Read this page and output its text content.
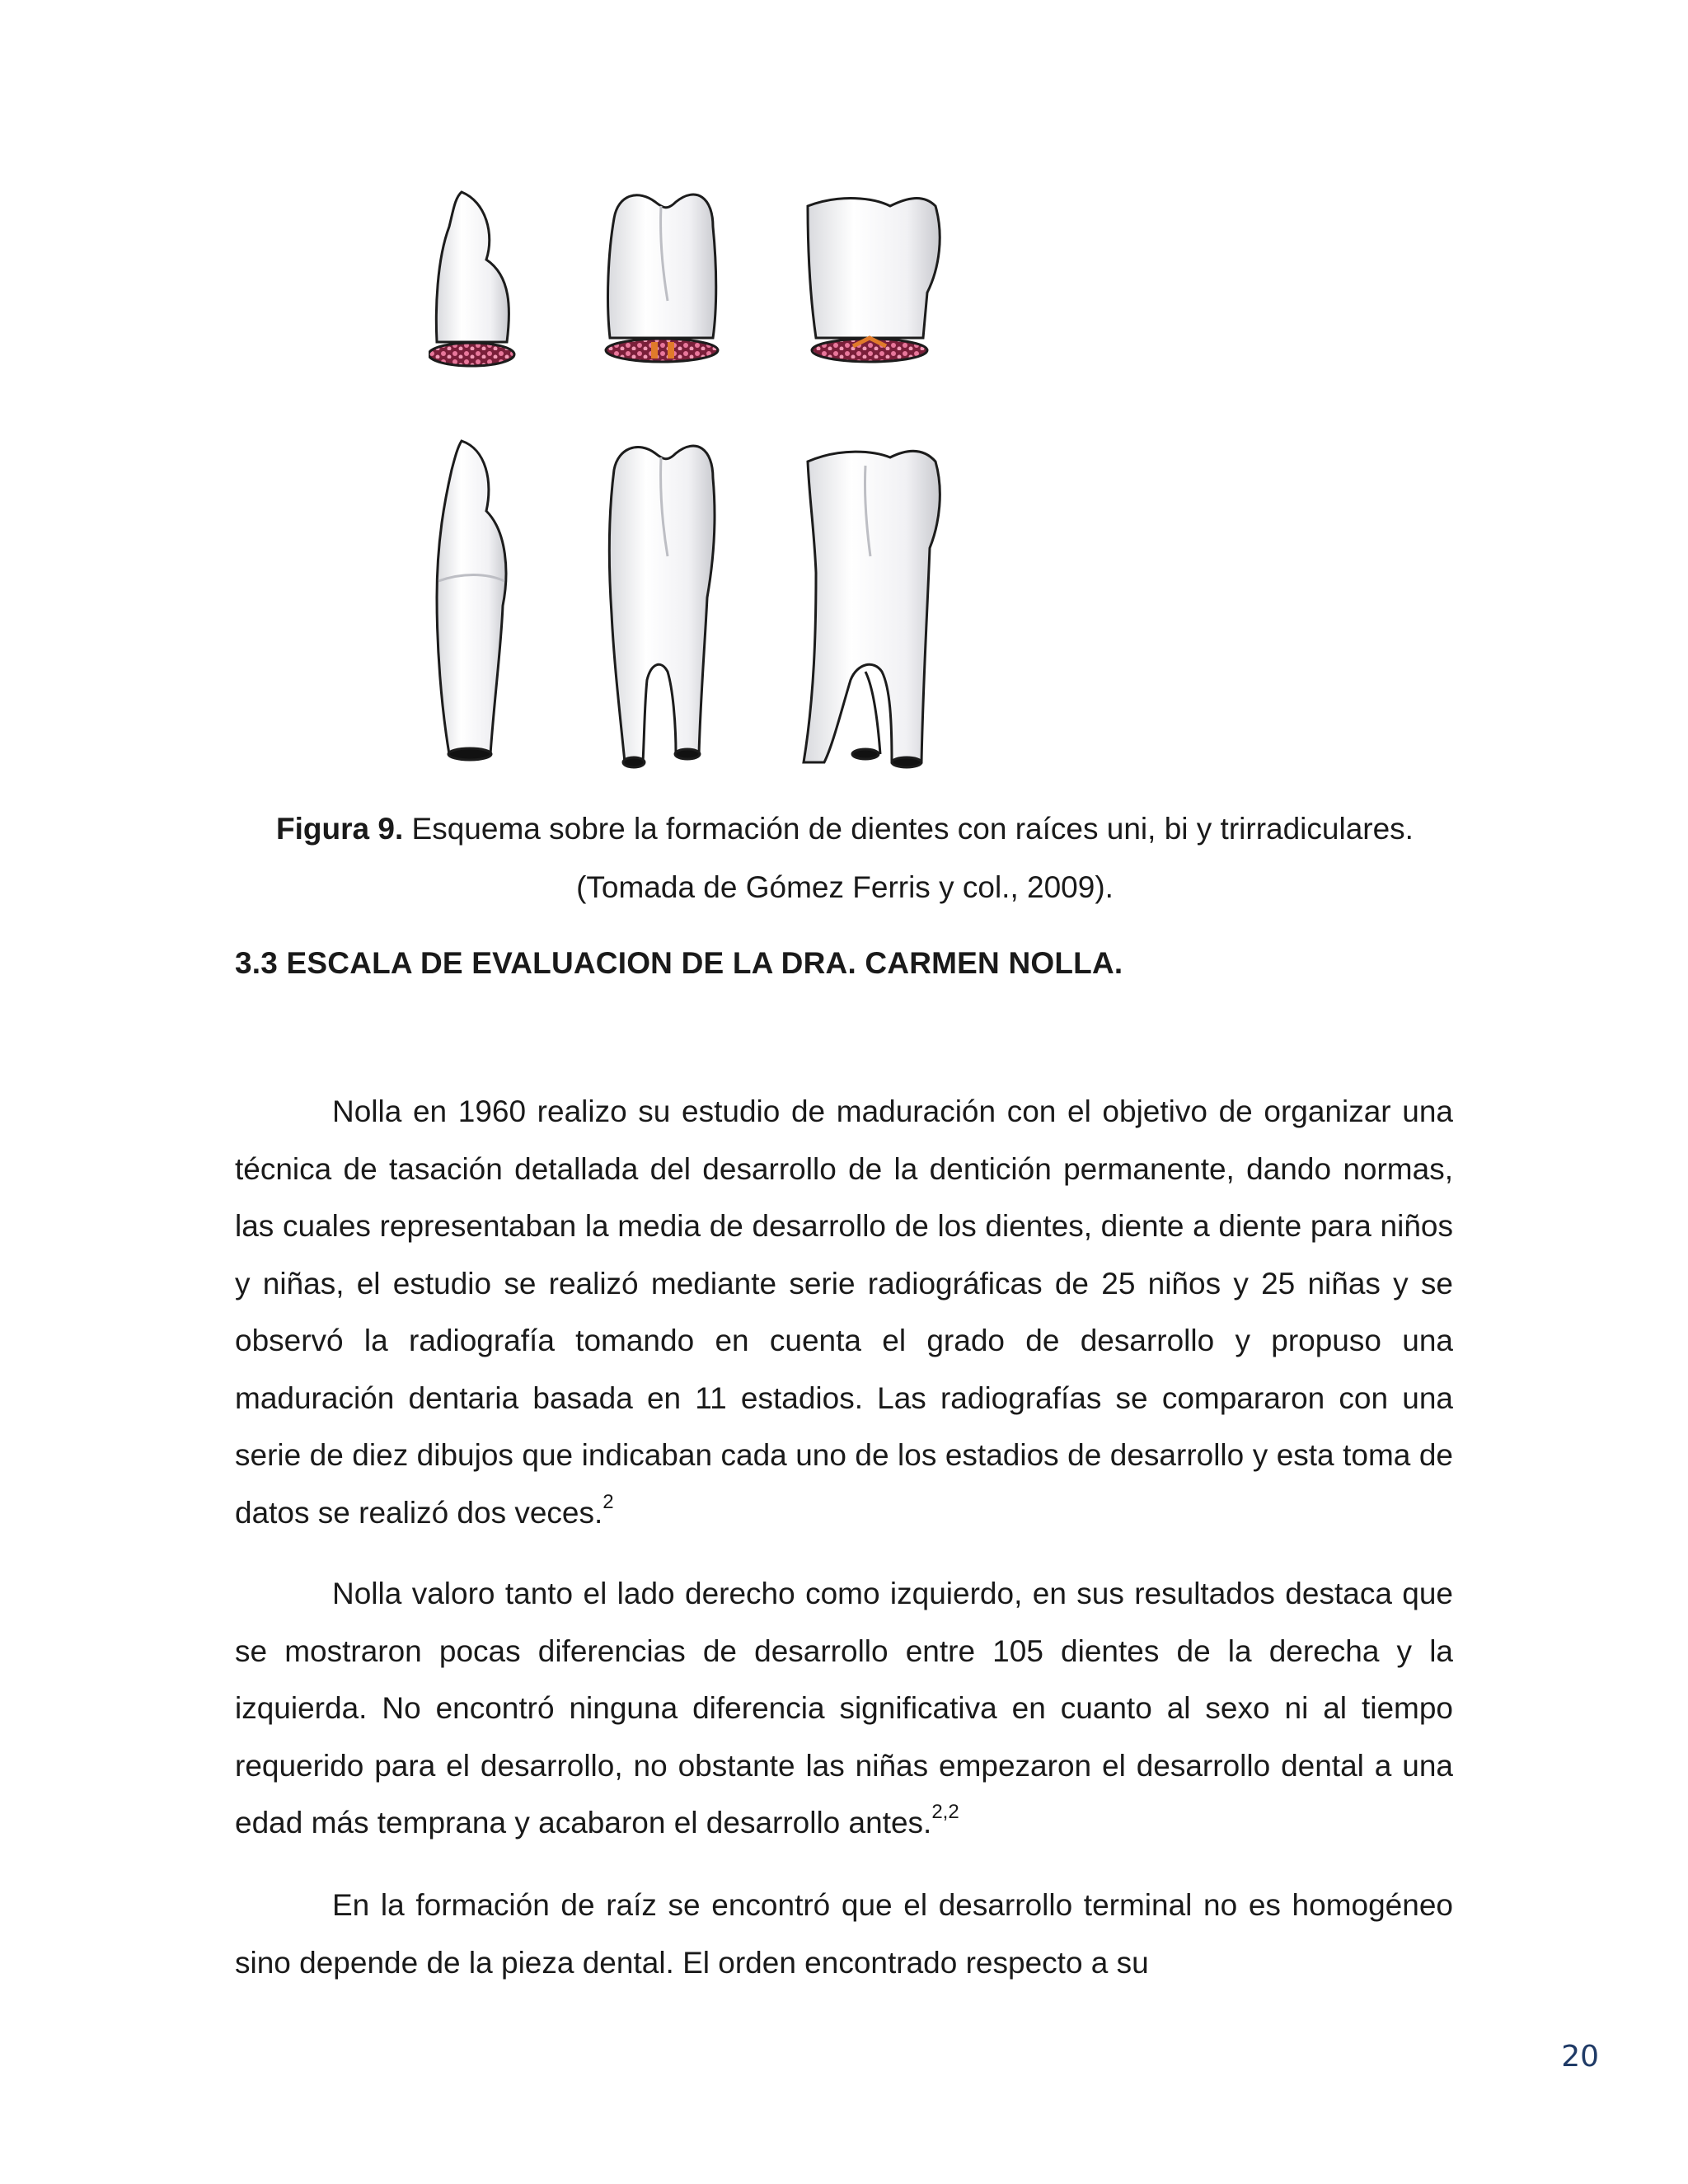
Figura 9. Esquema sobre la formación de dientes con raíces uni, bi y trirradiculares. (Tomada de Gómez Ferris y col., 2009).
3.3 ESCALA DE EVALUACION DE LA DRA. CARMEN NOLLA.

Nolla en 1960 realizo su estudio de maduración con el objetivo de organizar una técnica de tasación detallada del desarrollo de la dentición permanente, dando normas, las cuales representaban la media de desarrollo de los dientes, diente a diente para niños y niñas, el estudio se realizó mediante serie radiográficas de 25 niños y 25 niñas y se observó la radiografía tomando en cuenta el grado de desarrollo y propuso una maduración dentaria basada en 11 estadios. Las radiografías se compararon con una serie de diez dibujos que indicaban cada uno de los estadios de desarrollo y esta toma de datos se realizó dos veces.$^2$

Nolla valoro tanto el lado derecho como izquierdo, en sus resultados destaca que se mostraron pocas diferencias de desarrollo entre 105 dientes de la derecha y la izquierda. No encontró ninguna diferencia significativa en cuanto al sexo ni al tiempo requerido para el desarrollo, no obstante las niñas empezaron el desarrollo dental a una edad más temprana y acabaron el desarrollo antes.$^{2,2}$

En la formación de raíz se encontró que el desarrollo terminal no es homogéneo sino depende de la pieza dental. El orden encontrado respecto a su

20
